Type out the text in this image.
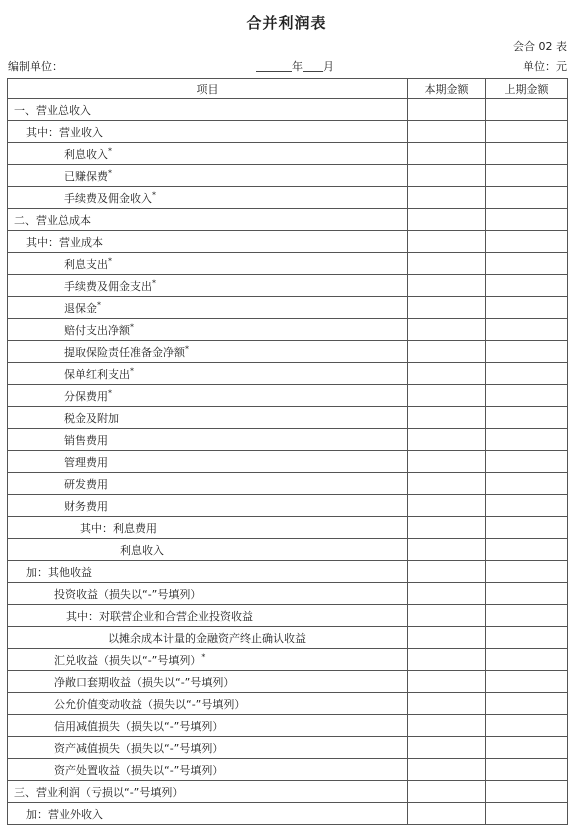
合并利润表
会合 02 表
编制单位：	年 月	单位：元
项目	本期金额	上期金额
一、营业总收入		
其中：营业收入		
利息收入*		
已赚保费*		
手续费及佣金收入*		
二、营业总成本		
其中：营业成本		
利息支出*		
手续费及佣金支出*		
退保金*		
赔付支出净额*		
提取保险责任准备金净额*		
保单红利支出*		
分保费用*		
税金及附加		
销售费用		
管理费用		
研发费用		
财务费用		
其中：利息费用		
利息收入		
加：其他收益		
投资收益（损失以“-”号填列）		
其中：对联营企业和合营企业投资收益		
以摊余成本计量的金融资产终止确认收益		
汇兑收益（损失以“-”号填列）*		
净敞口套期收益（损失以“-”号填列）		
公允价值变动收益（损失以“-”号填列）		
信用减值损失（损失以“-”号填列）		
资产减值损失（损失以“-”号填列）		
资产处置收益（损失以“-”号填列）		
三、营业利润（亏损以“-”号填列）		
加：营业外收入		
